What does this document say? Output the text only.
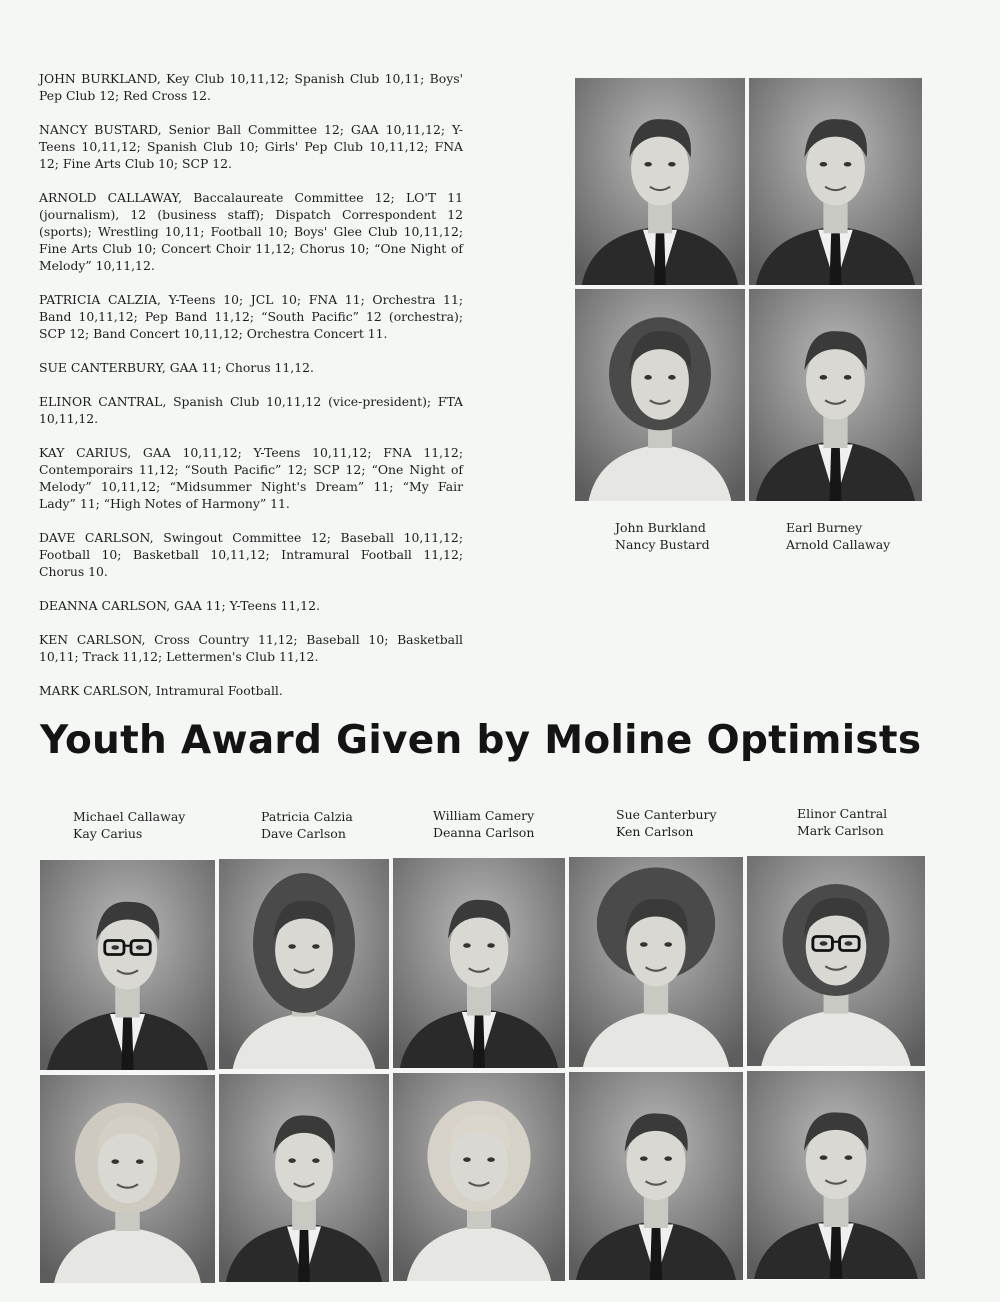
JOHN BURKLAND, Key Club 10,11,12; Spanish Club 10,11; Boys' Pep Club 12; Red Cross 12.

NANCY BUSTARD, Senior Ball Committee 12; GAA 10,11,12; Y-Teens 10,11,12; Spanish Club 10; Girls' Pep Club 10,11,12; FNA 12; Fine Arts Club 10; SCP 12.

ARNOLD CALLAWAY, Baccalaureate Committee 12; LO'T 11 (journalism), 12 (business staff); Dispatch Correspondent 12 (sports); Wrestling 10,11; Football 10; Boys' Glee Club 10,11,12; Fine Arts Club 10; Concert Choir 11,12; Chorus 10; “One Night of Melody” 10,11,12.

PATRICIA CALZIA, Y-Teens 10; JCL 10; FNA 11; Orchestra 11; Band 10,11,12; Pep Band 11,12; “South Pacific” 12 (orchestra); SCP 12; Band Concert 10,11,12; Orchestra Concert 11.

SUE CANTERBURY, GAA 11; Chorus 11,12.

ELINOR CANTRAL, Spanish Club 10,11,12 (vice-president); FTA 10,11,12.

KAY CARIUS, GAA 10,11,12; Y-Teens 10,11,12; FNA 11,12; Contemporairs 11,12; “South Pacific” 12; SCP 12; “One Night of Melody” 10,11,12; “Midsummer Night's Dream” 11; “My Fair Lady” 11; “High Notes of Harmony” 11.

DAVE CARLSON, Swingout Committee 12; Baseball 10,11,12; Football 10; Basketball 10,11,12; Intramural Football 11,12; Chorus 10.

DEANNA CARLSON, GAA 11; Y-Teens 11,12.

KEN CARLSON, Cross Country 11,12; Baseball 10; Basketball 10,11; Track 11,12; Lettermen's Club 11,12.

MARK CARLSON, Intramural Football.

John Burkland
Nancy Bustard
Earl Burney
Arnold Callaway
Youth Award Given by Moline Optimists
Michael Callaway
Kay Carius
Patricia Calzia
Dave Carlson
William Camery
Deanna Carlson
Sue Canterbury
Ken Carlson
Elinor Cantral
Mark Carlson
